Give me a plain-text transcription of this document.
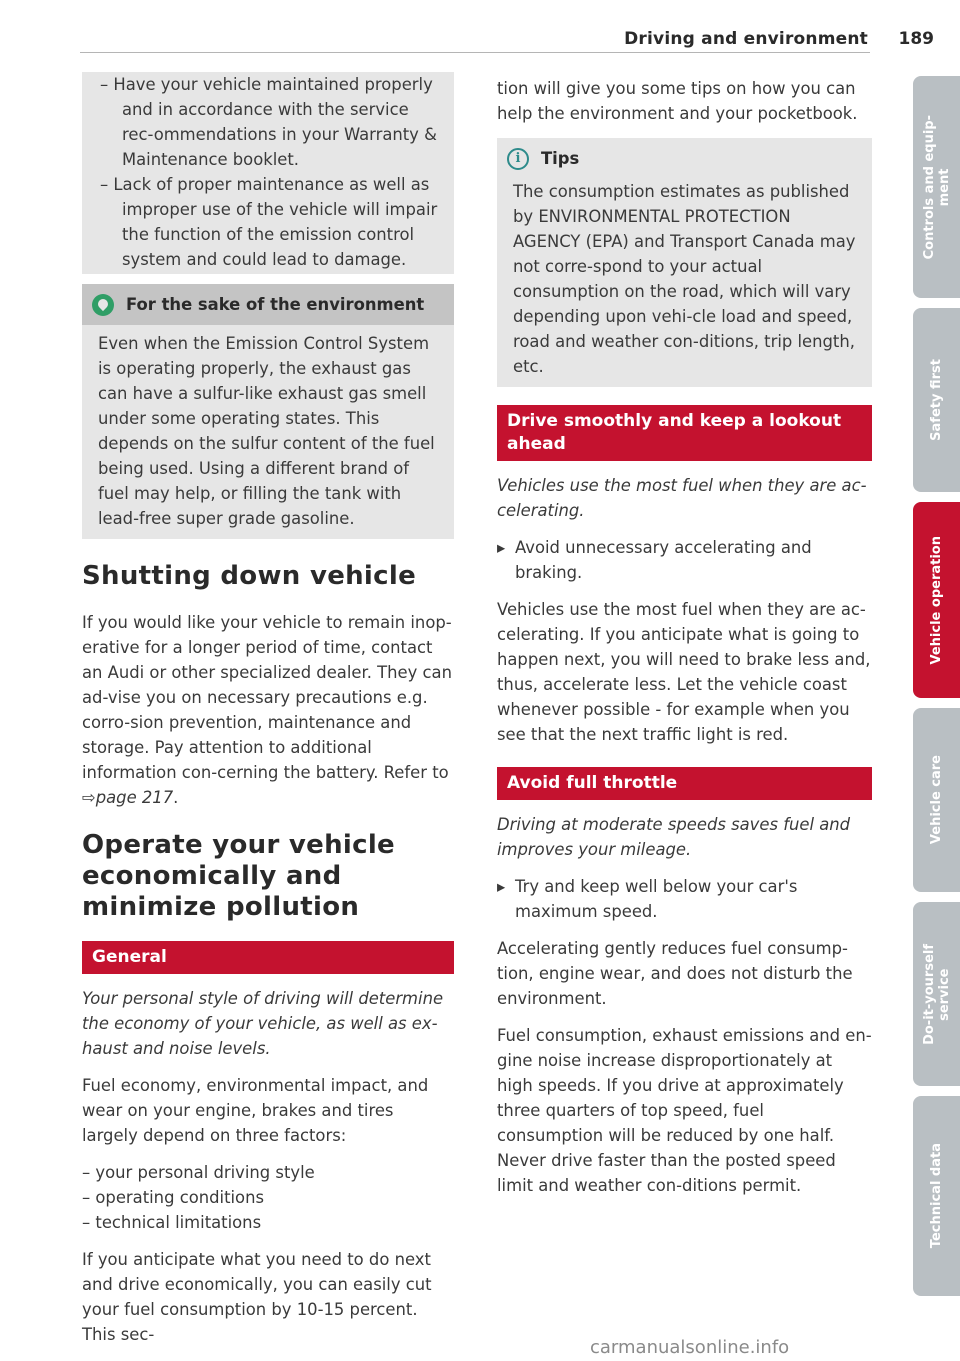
Driving and environment 189

– Have your vehicle maintained properly and in accordance with the service rec-ommendations in your Warranty & Maintenance booklet.

– Lack of proper maintenance as well as improper use of the vehicle will impair the function of the emission control system and could lead to damage.

For the sake of the environment

Even when the Emission Control System is operating properly, the exhaust gas can have a sulfur-like exhaust gas smell under some operating states. This depends on the sulfur content of the fuel being used. Using a different brand of fuel may help, or filling the tank with lead-free super grade gasoline.

Shutting down vehicle

If you would like your vehicle to remain inop-erative for a longer period of time, contact an Audi or other specialized dealer. They can ad-vise you on necessary precautions e.g. corro-sion prevention, maintenance and storage. Pay attention to additional information con-cerning the battery. Refer to ⇨page 217.

Operate your vehicle economically and minimize pollution
General

Your personal style of driving will determine the economy of your vehicle, as well as ex-haust and noise levels.

Fuel economy, environmental impact, and wear on your engine, brakes and tires largely depend on three factors:

– your personal driving style

– operating conditions

– technical limitations

If you anticipate what you need to do next and drive economically, you can easily cut your fuel consumption by 10-15 percent. This sec-

tion will give you some tips on how you can help the environment and your pocketbook.

i	Tips

The consumption estimates as published by ENVIRONMENTAL PROTECTION AGENCY (EPA) and Transport Canada may not corre-spond to your actual consumption on the road, which will vary depending upon vehi-cle load and speed, road and weather con-ditions, trip length, etc.

Drive smoothly and keep a lookout ahead

Vehicles use the most fuel when they are ac-celerating.

▸ Avoid unnecessary accelerating and braking.

Vehicles use the most fuel when they are ac-celerating. If you anticipate what is going to happen next, you will need to brake less and, thus, accelerate less. Let the vehicle coast whenever possible - for example when you see that the next traffic light is red.

Avoid full throttle

Driving at moderate speeds saves fuel and improves your mileage.

▸ Try and keep well below your car's maximum speed.

Accelerating gently reduces fuel consump-tion, engine wear, and does not disturb the environment.

Fuel consumption, exhaust emissions and en-gine noise increase disproportionately at high speeds. If you drive at approximately three quarters of top speed, fuel consumption will be reduced by one half. Never drive faster than the posted speed limit and weather con-ditions permit.

Controls and equip-
ment
Safety first
Vehicle operation
Vehicle care
Do-it-yourself
service
Technical data
carmanualsonline.info
